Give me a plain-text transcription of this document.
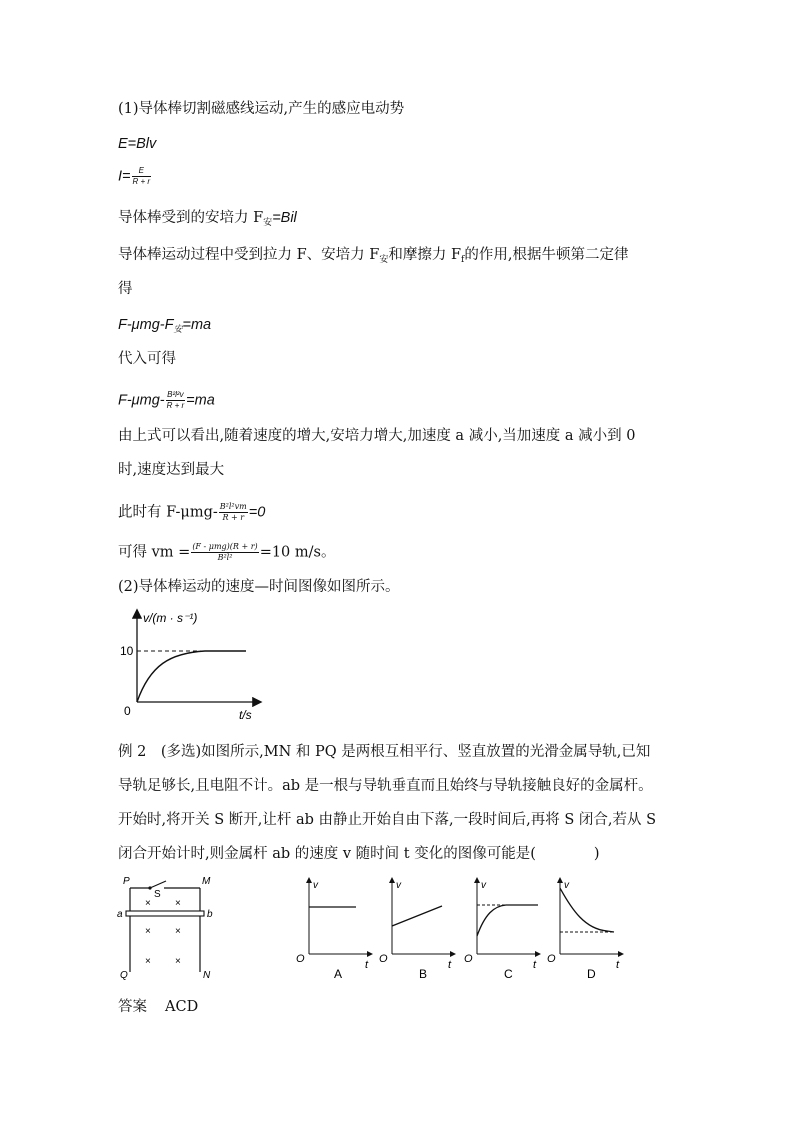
(1)导体棒切割磁感线运动,产生的感应电动势
E=Blv
$I= \frac{E}{R + r}$
导体棒受到的安培力 $F_安=Bil$
导体棒运动过程中受到拉力 F、安培力 $F_安$和摩擦力 $F_f$的作用,根据牛顿第二定律
得
$F-\mu mg-F_安=ma$
代入可得
$F-\mu mg- \frac{\text{B²l²v}}{R + r} =ma$
由上式可以看出,随着速度的增大,安培力增大,加速度 a 减小,当加速度 a 减小到 0
时,速度达到最大
此时有 $F-\mu mg- \frac{\text{B²l²vm}}{R + r} =0$
可得 vm = $\frac{\text{(F - μmg)(R + r)}}{\text{B²l²}} =10$ m/s。
(2)导体棒运动的速度—时间图像如图所示。
v/(m · s⁻¹)
t/s
0
10
例 2　(多选)如图所示,MN 和 PQ 是两根互相平行、竖直放置的光滑金属导轨,已知
导轨足够长,且电阻不计。ab 是一根与导轨垂直而且始终与导轨接触良好的金属杆。
开始时,将开关 S 断开,让杆 ab 由静止开始自由下落,一段时间后,再将 S 闭合,若从 S
闭合开始计时,则金属杆 ab 的速度 v 随时间 t 变化的图像可能是(　　　　)
P	M
Q	N
a	b
S
× ×
× ×
× ×
v
O	t
A
v
O	t
B
v
O	t
C
v
O	t
D
答案 ACD
